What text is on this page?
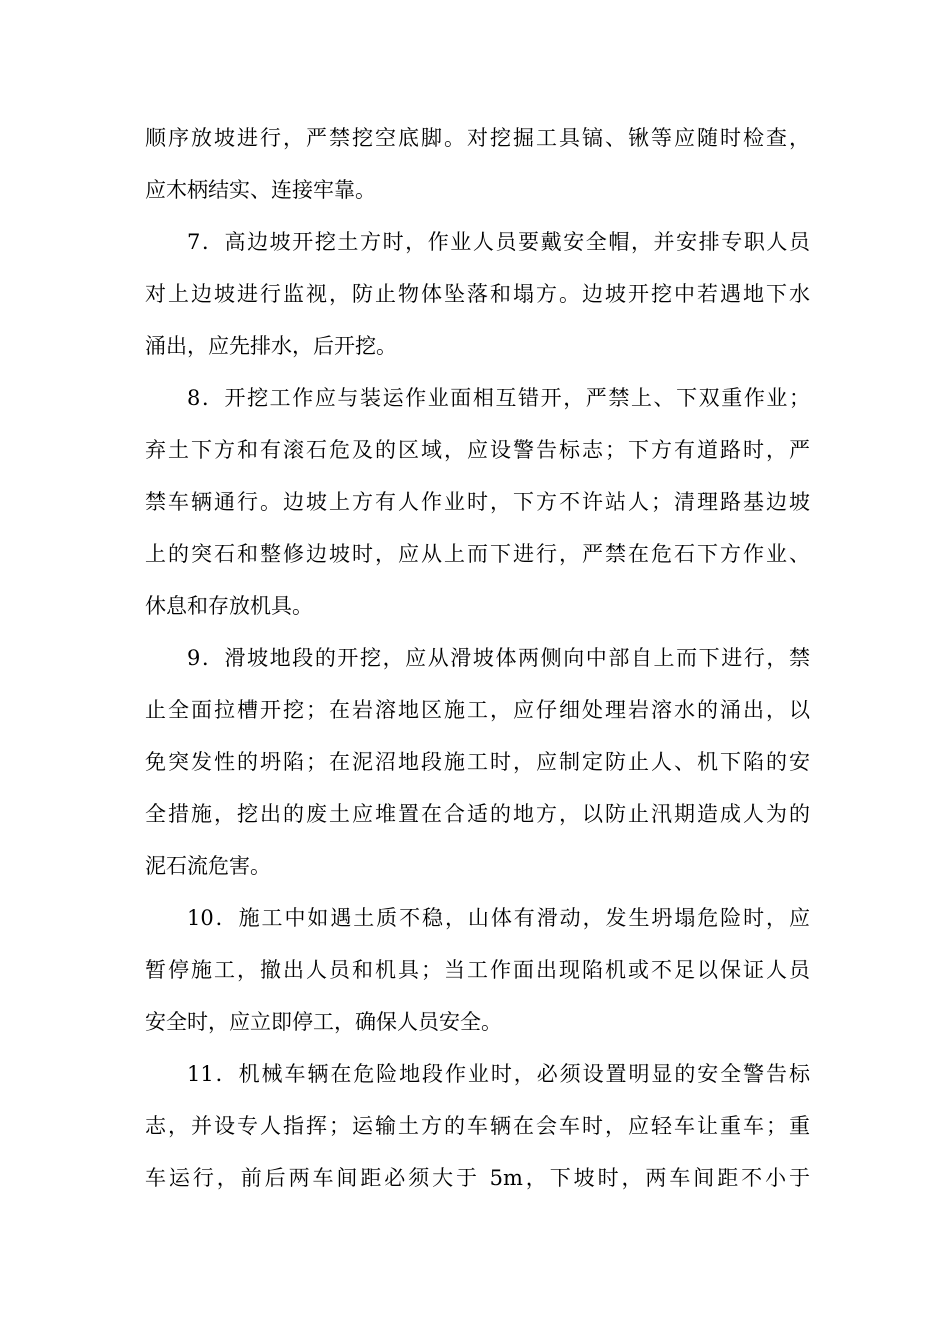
顺序放坡进行，严禁挖空底脚。对挖掘工具镐、锹等应随时检查，
应木柄结实、连接牢靠。
7．高边坡开挖土方时，作业人员要戴安全帽，并安排专职人员
对上边坡进行监视，防止物体坠落和塌方。边坡开挖中若遇地下水
涌出，应先排水，后开挖。
8．开挖工作应与装运作业面相互错开，严禁上、下双重作业；
弃土下方和有滚石危及的区域，应设警告标志；下方有道路时，严
禁车辆通行。边坡上方有人作业时，下方不许站人；清理路基边坡
上的突石和整修边坡时，应从上而下进行，严禁在危石下方作业、
休息和存放机具。
9．滑坡地段的开挖，应从滑坡体两侧向中部自上而下进行，禁
止全面拉槽开挖；在岩溶地区施工，应仔细处理岩溶水的涌出，以
免突发性的坍陷；在泥沼地段施工时，应制定防止人、机下陷的安
全措施，挖出的废土应堆置在合适的地方，以防止汛期造成人为的
泥石流危害。
10．施工中如遇土质不稳，山体有滑动，发生坍塌危险时，应
暂停施工，撤出人员和机具；当工作面出现陷机或不足以保证人员
安全时，应立即停工，确保人员安全。
11．机械车辆在危险地段作业时，必须设置明显的安全警告标
志，并设专人指挥；运输土方的车辆在会车时，应轻车让重车；重
车运行，前后两车间距必须大于 5m，下坡时，两车间距不小于
